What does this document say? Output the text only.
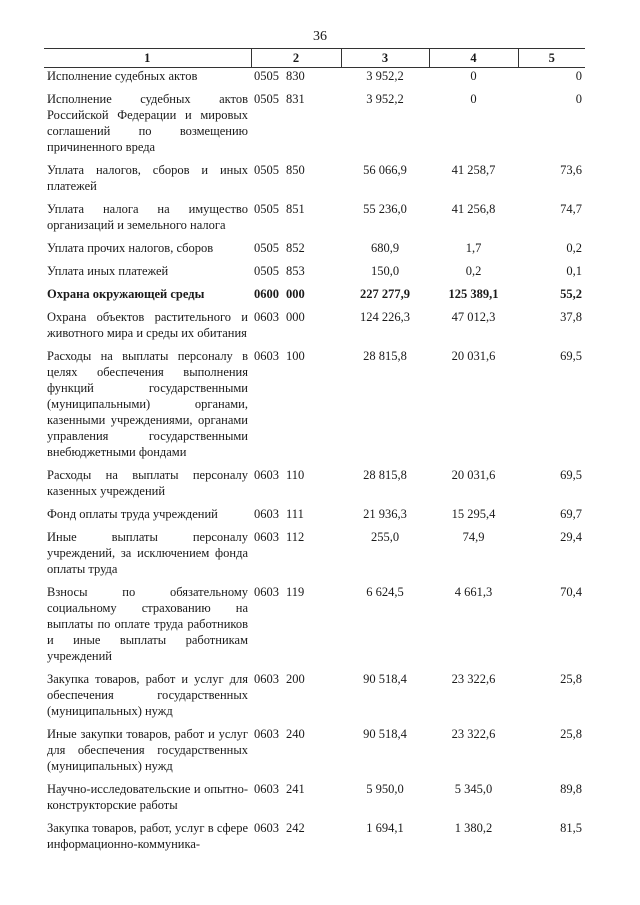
36
1	2	3	4	5
Исполнение судебных актов	0505 830	3 952,2	0	0
Исполнение судебных актов Российской Федерации и мировых соглашений по возмещению причиненного вреда	0505 831	3 952,2	0	0
Уплата налогов, сборов и иных платежей	0505 850	56 066,9	41 258,7	73,6
Уплата налога на имущество организаций и земельного налога	0505 851	55 236,0	41 256,8	74,7
Уплата прочих налогов, сборов	0505 852	680,9	1,7	0,2
Уплата иных платежей	0505 853	150,0	0,2	0,1
Охрана окружающей среды	0600 000	227 277,9	125 389,1	55,2
Охрана объектов растительного и животного мира и среды их обитания	0603 000	124 226,3	47 012,3	37,8
Расходы на выплаты персоналу в целях обеспечения выполнения функций государственными (муниципальными) органами, казенными учреждениями, органами управления государственными внебюджетными фондами	0603 100	28 815,8	20 031,6	69,5
Расходы на выплаты персоналу казенных учреждений	0603 110	28 815,8	20 031,6	69,5
Фонд оплаты труда учреждений	0603 111	21 936,3	15 295,4	69,7
Иные выплаты персоналу учреждений, за исключением фонда оплаты труда	0603 112	255,0	74,9	29,4
Взносы по обязательному социальному страхованию на выплаты по оплате труда работников и иные выплаты работникам учреждений	0603 119	6 624,5	4 661,3	70,4
Закупка товаров, работ и услуг для обеспечения государственных (муниципальных) нужд	0603 200	90 518,4	23 322,6	25,8
Иные закупки товаров, работ и услуг для обеспечения государственных (муниципальных) нужд	0603 240	90 518,4	23 322,6	25,8
Научно-исследовательские и опытно-конструкторские работы	0603 241	5 950,0	5 345,0	89,8
Закупка товаров, работ, услуг в сфере информационно-коммуника-	0603 242	1 694,1	1 380,2	81,5
